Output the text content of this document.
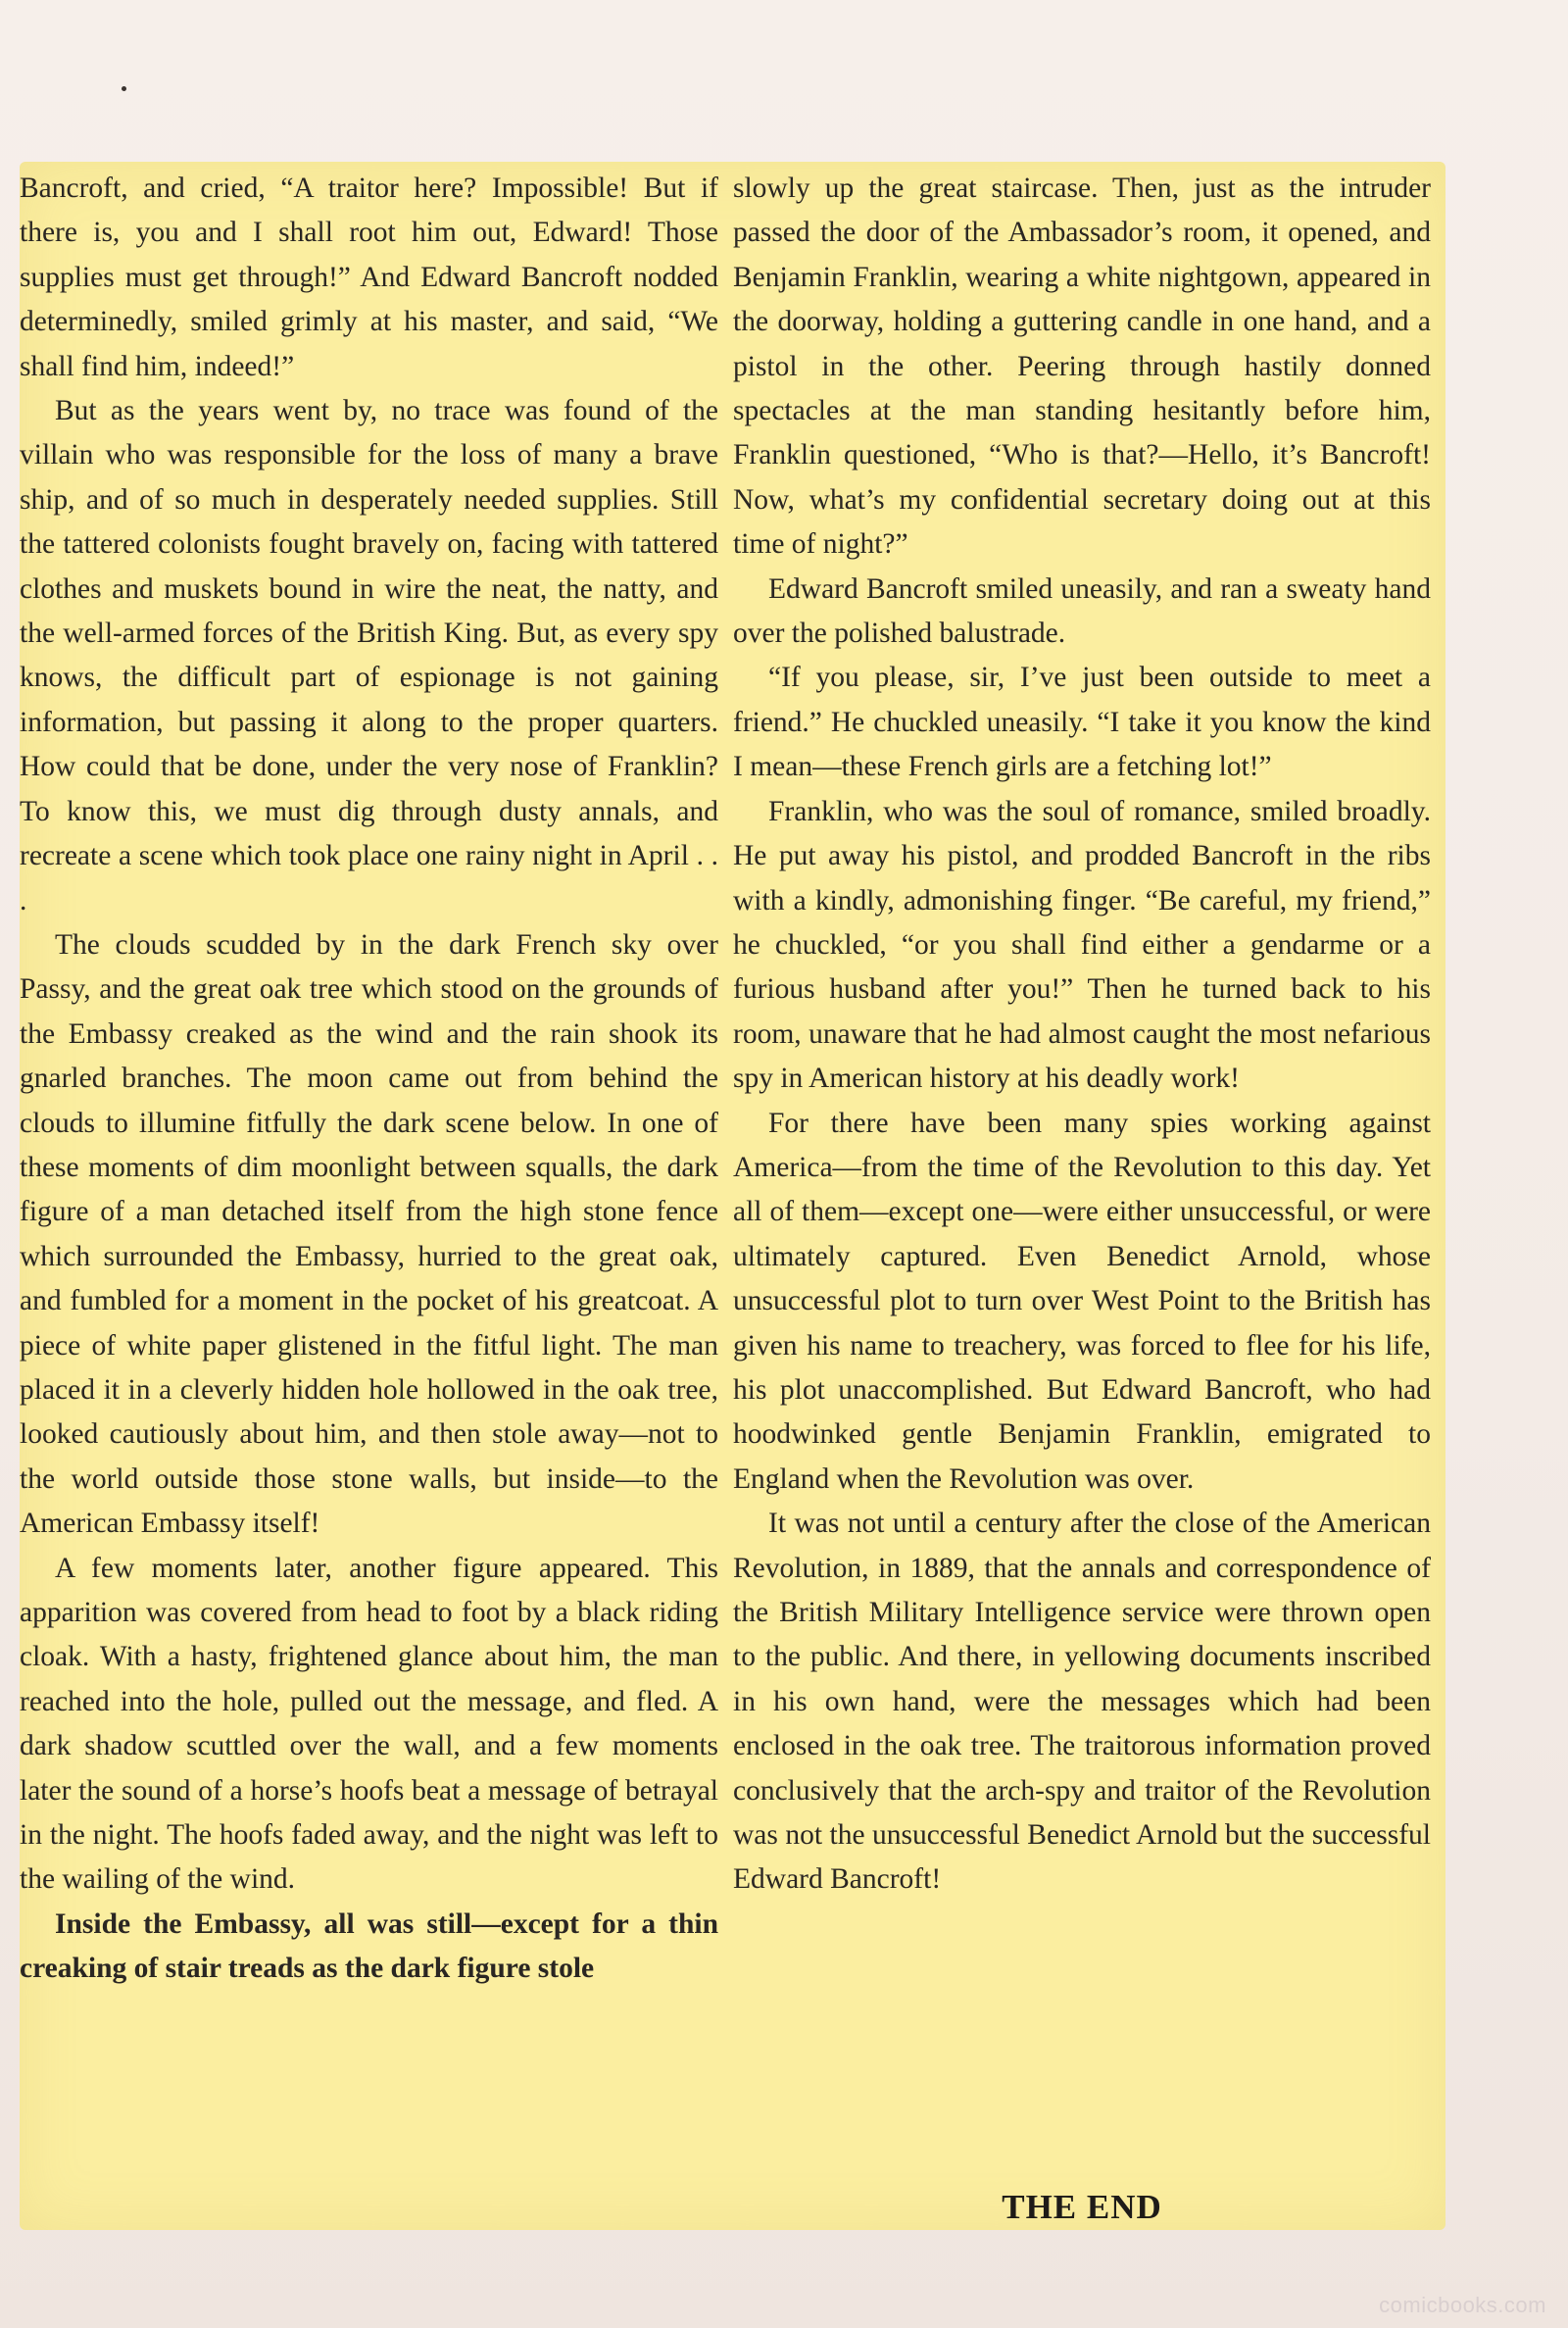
Bancroft, and cried, “A traitor here? Impossible! But if there is, you and I shall root him out, Edward! Those supplies must get through!” And Edward Bancroft nodded determinedly, smiled grimly at his master, and said, “We shall find him, indeed!”

But as the years went by, no trace was found of the villain who was responsible for the loss of many a brave ship, and of so much in desperately needed supplies. Still the tattered colonists fought bravely on, facing with tattered clothes and muskets bound in wire the neat, the natty, and the well-armed forces of the British King. But, as every spy knows, the difficult part of espionage is not gaining information, but passing it along to the proper quarters. How could that be done, under the very nose of Franklin? To know this, we must dig through dusty annals, and recreate a scene which took place one rainy night in April . . .

The clouds scudded by in the dark French sky over Passy, and the great oak tree which stood on the grounds of the Embassy creaked as the wind and the rain shook its gnarled branches. The moon came out from behind the clouds to illumine fitfully the dark scene below. In one of these moments of dim moonlight between squalls, the dark figure of a man detached itself from the high stone fence which surrounded the Embassy, hurried to the great oak, and fumbled for a moment in the pocket of his greatcoat. A piece of white paper glistened in the fitful light. The man placed it in a cleverly hidden hole hollowed in the oak tree, looked cautiously about him, and then stole away—not to the world outside those stone walls, but inside—to the American Embassy itself!

A few moments later, another figure appeared. This apparition was covered from head to foot by a black riding cloak. With a hasty, frightened glance about him, the man reached into the hole, pulled out the message, and fled. A dark shadow scuttled over the wall, and a few moments later the sound of a horse’s hoofs beat a message of betrayal in the night. The hoofs faded away, and the night was left to the wailing of the wind.

Inside the Embassy, all was still—except for a thin creaking of stair treads as the dark figure stole

slowly up the great staircase. Then, just as the intruder passed the door of the Ambassador’s room, it opened, and Benjamin Franklin, wearing a white nightgown, appeared in the doorway, holding a guttering candle in one hand, and a pistol in the other. Peering through hastily donned spectacles at the man standing hesitantly before him, Franklin questioned, “Who is that?—Hello, it’s Bancroft! Now, what’s my confidential secretary doing out at this time of night?”

Edward Bancroft smiled uneasily, and ran a sweaty hand over the polished balustrade.

“If you please, sir, I’ve just been outside to meet a friend.” He chuckled uneasily. “I take it you know the kind I mean—these French girls are a fetching lot!”

Franklin, who was the soul of romance, smiled broadly. He put away his pistol, and prodded Bancroft in the ribs with a kindly, admonishing finger. “Be careful, my friend,” he chuckled, “or you shall find either a gendarme or a furious husband after you!” Then he turned back to his room, unaware that he had almost caught the most nefarious spy in American history at his deadly work!

For there have been many spies working against America—from the time of the Revolution to this day. Yet all of them—except one—were either unsuccessful, or were ultimately captured. Even Benedict Arnold, whose unsuccessful plot to turn over West Point to the British has given his name to treachery, was forced to flee for his life, his plot unaccomplished. But Edward Bancroft, who had hoodwinked gentle Benjamin Franklin, emigrated to England when the Revolution was over.

It was not until a century after the close of the American Revolution, in 1889, that the annals and correspondence of the British Military Intelligence service were thrown open to the public. And there, in yellowing documents inscribed in his own hand, were the messages which had been enclosed in the oak tree. The traitorous information proved conclusively that the arch-spy and traitor of the Revolution was not the unsuccessful Benedict Arnold but the successful Edward Bancroft!

THE END
comicbooks.com
